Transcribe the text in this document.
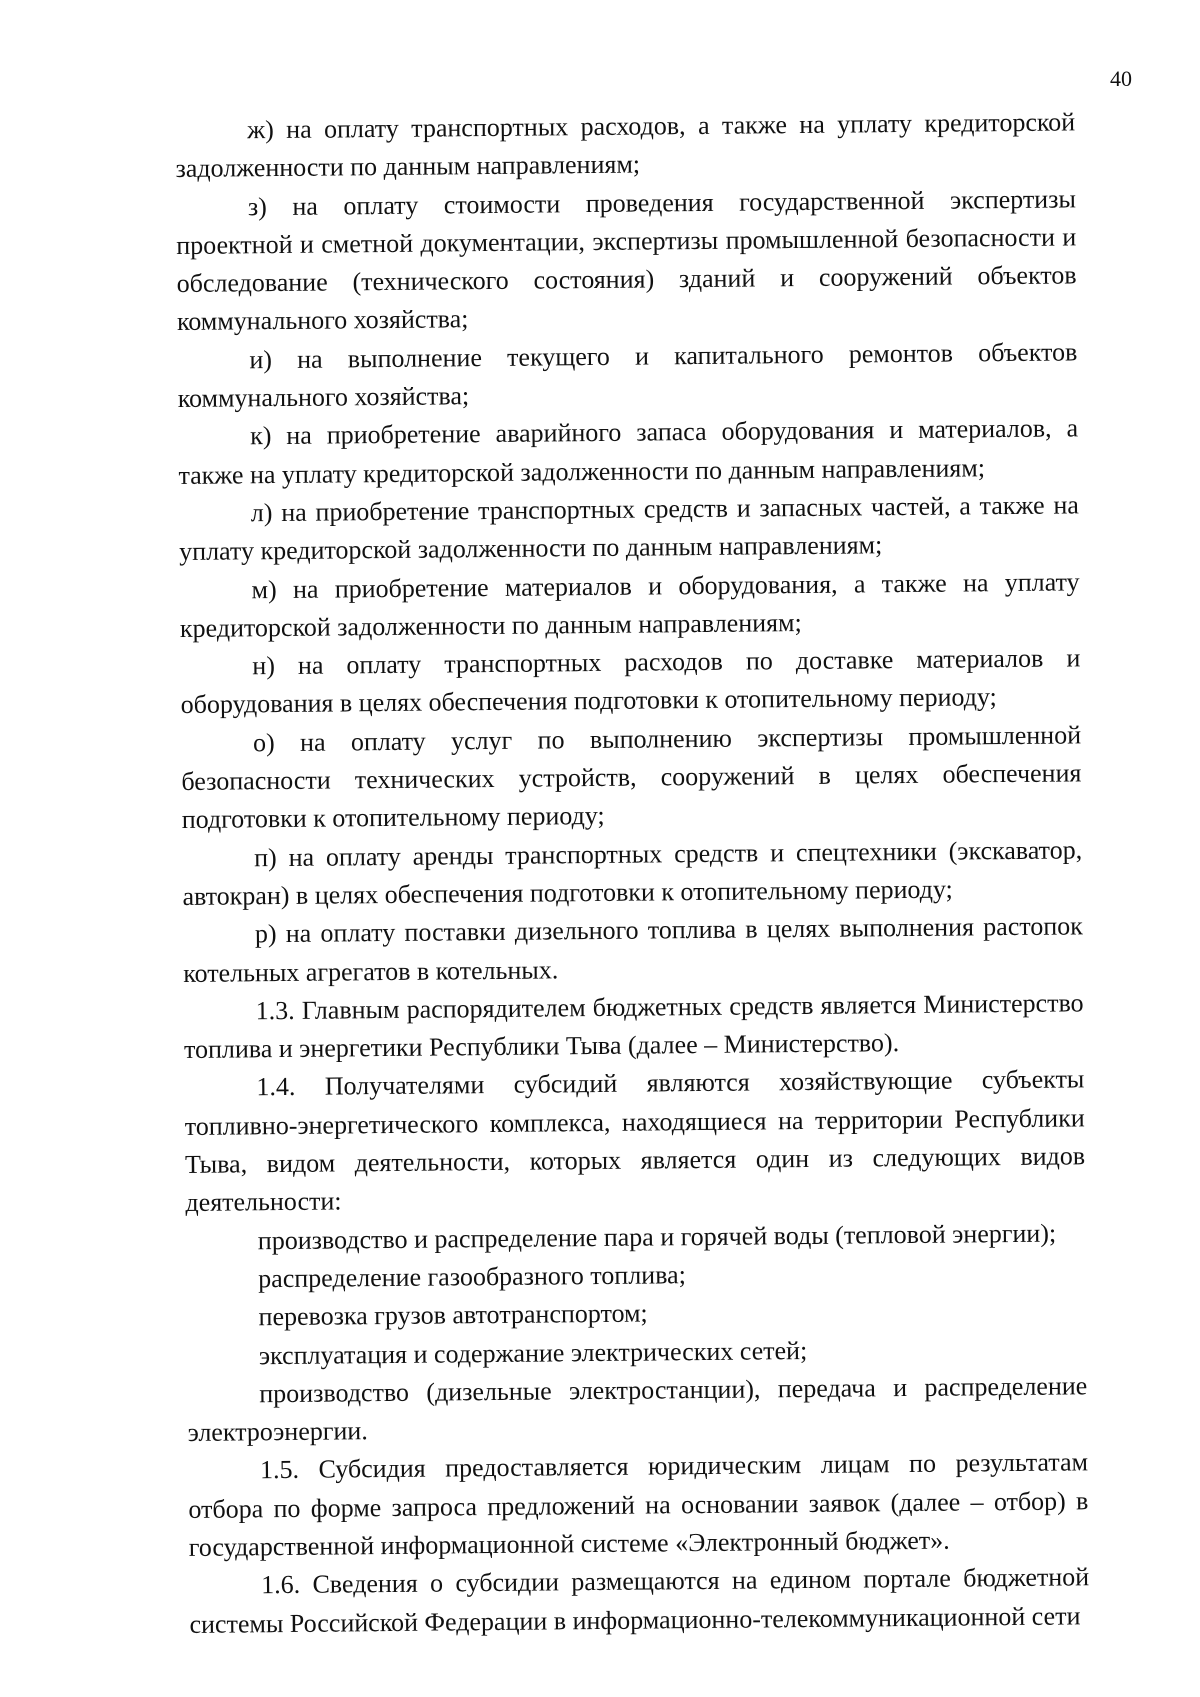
40

ж) на оплату транспортных расходов, а также на уплату кредиторской задолженности по данным направлениям;

з) на оплату стоимости проведения государственной экспертизы проектной и сметной документации, экспертизы промышленной безопасности и обследование (технического состояния) зданий и сооружений объектов коммунального хозяйства;

и) на выполнение текущего и капитального ремонтов объектов коммунального хозяйства;

к) на приобретение аварийного запаса оборудования и материалов, а также на уплату кредиторской задолженности по данным направлениям;

л) на приобретение транспортных средств и запасных частей, а также на уплату кредиторской задолженности по данным направлениям;

м) на приобретение материалов и оборудования, а также на уплату кредиторской задолженности по данным направлениям;

н) на оплату транспортных расходов по доставке материалов и оборудования в целях обеспечения подготовки к отопительному периоду;

о) на оплату услуг по выполнению экспертизы промышленной безопасности технических устройств, сооружений в целях обеспечения подготовки к отопительному периоду;

п) на оплату аренды транспортных средств и спецтехники (экскаватор, автокран) в целях обеспечения подготовки к отопительному периоду;

р) на оплату поставки дизельного топлива в целях выполнения растопок котельных агрегатов в котельных.

1.3. Главным распорядителем бюджетных средств является Министерство топлива и энергетики Республики Тыва (далее – Министерство).

1.4. Получателями субсидий являются хозяйствующие субъекты топливно-энергетического комплекса, находящиеся на территории Республики Тыва, видом деятельности, которых является один из следующих видов деятельности:

производство и распределение пара и горячей воды (тепловой энергии);

распределение газообразного топлива;

перевозка грузов автотранспортом;

эксплуатация и содержание электрических сетей;

производство (дизельные электростанции), передача и распределение электроэнергии.

1.5. Субсидия предоставляется юридическим лицам по результатам отбора по форме запроса предложений на основании заявок (далее – отбор) в государственной информационной системе «Электронный бюджет».

1.6. Сведения о субсидии размещаются на едином портале бюджетной системы Российской Федерации в информационно-телекоммуникационной сети
